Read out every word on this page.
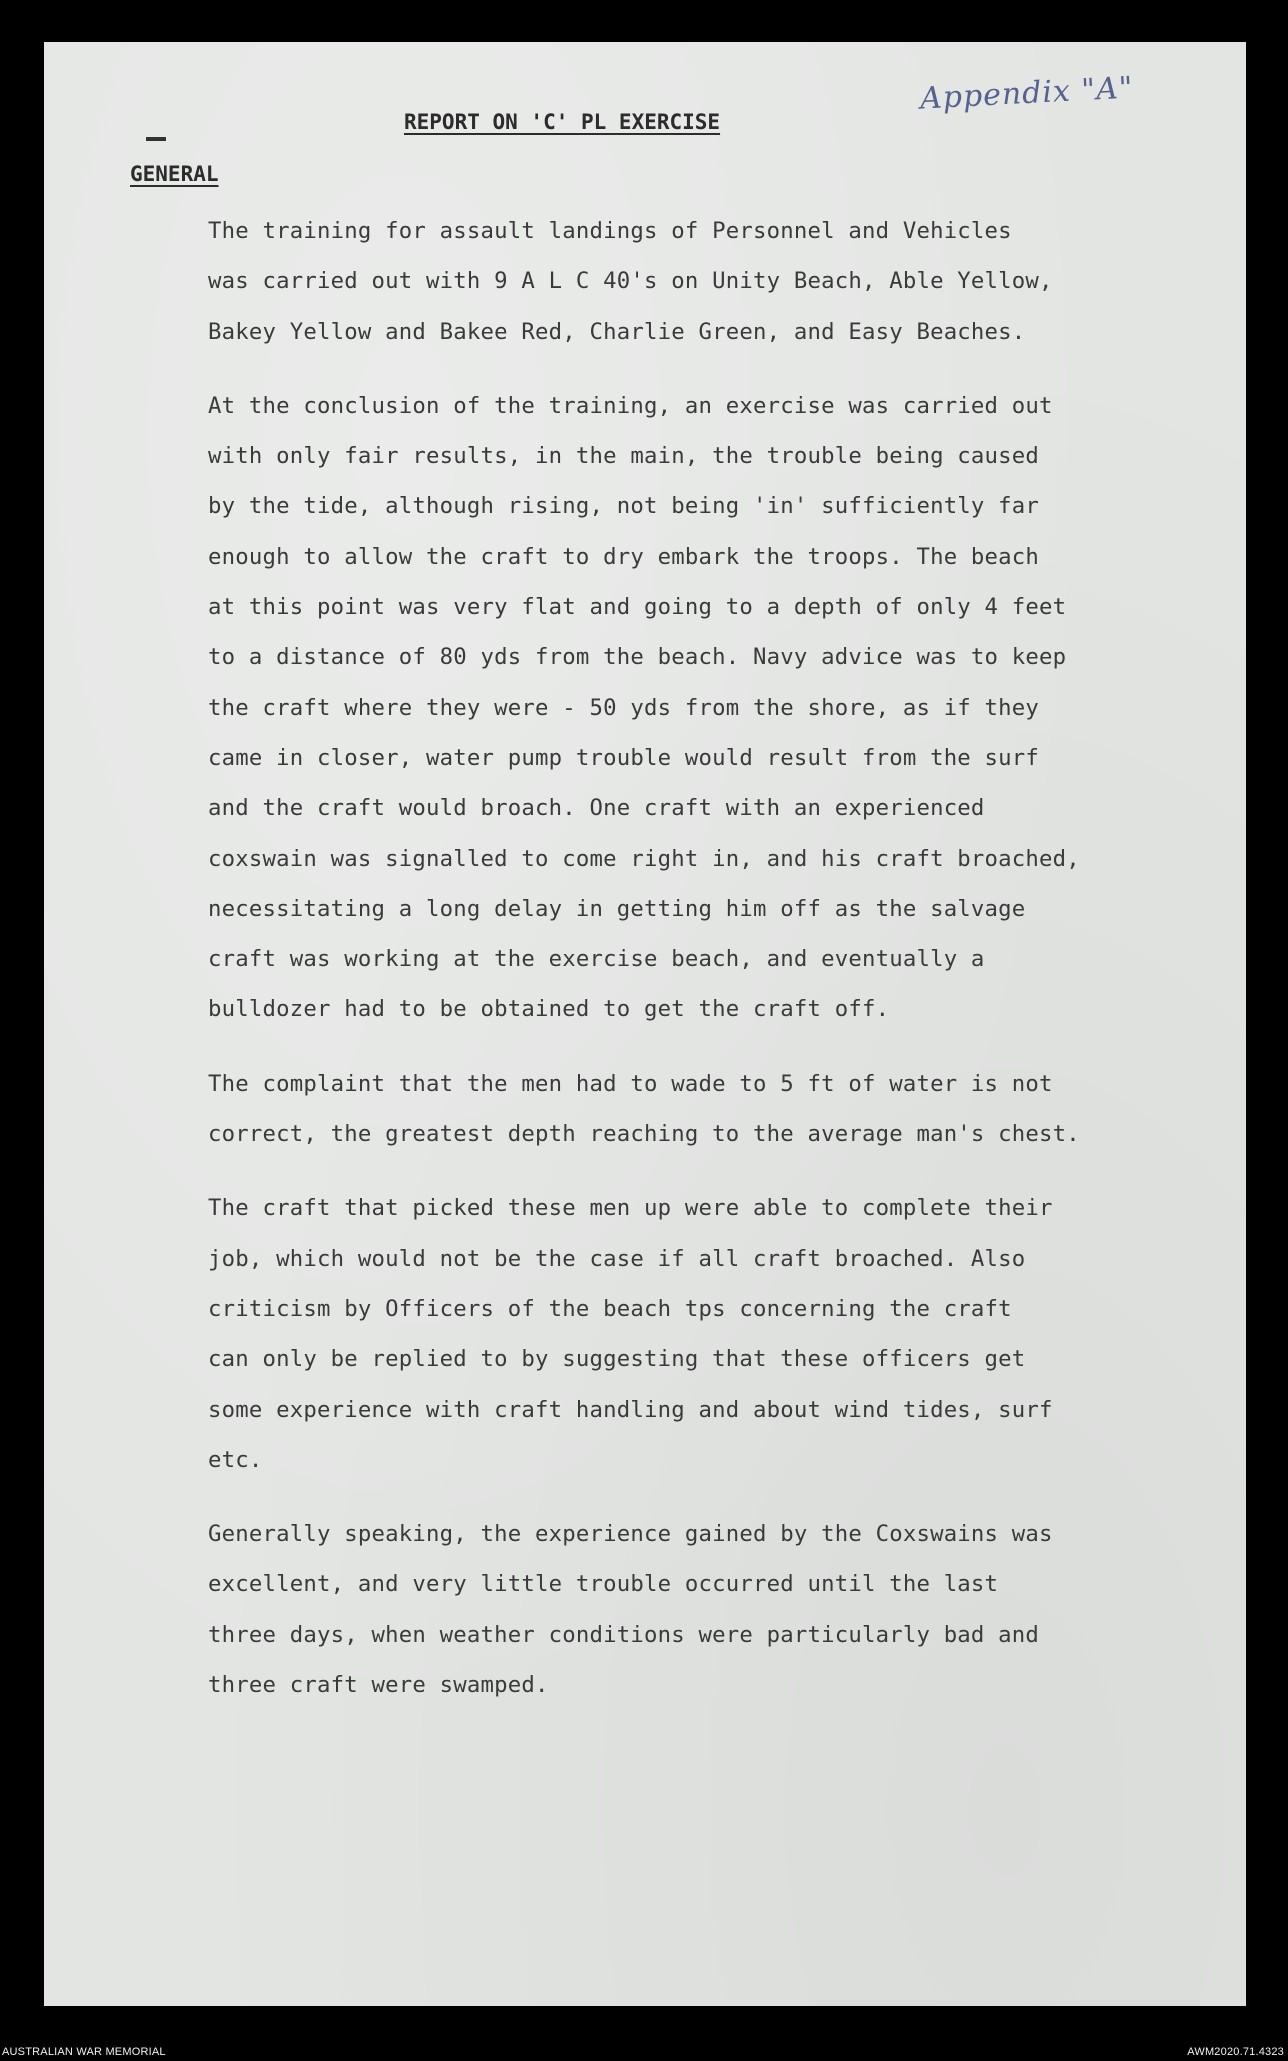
Appendix "A"
REPORT ON 'C' PL EXERCISE
GENERAL
The training for assault landings of Personnel and Vehicles
was carried out with 9 A L C 40's on Unity Beach, Able Yellow,
Bakey Yellow and Bakee Red, Charlie Green, and Easy Beaches.
At the conclusion of the training, an exercise was carried out
with only fair results, in the main, the trouble being caused
by the tide, although rising, not being 'in' sufficiently far
enough to allow the craft to dry embark the troops. The beach
at this point was very flat and going to a depth of only 4 feet
to a distance of 80 yds from the beach. Navy advice was to keep
the craft where they were - 50 yds from the shore, as if they
came in closer, water pump trouble would result from the surf
and the craft would broach. One craft with an experienced
coxswain was signalled to come right in, and his craft broached,
necessitating a long delay in getting him off as the salvage
craft was working at the exercise beach, and eventually a
bulldozer had to be obtained to get the craft off.
The complaint that the men had to wade to 5 ft of water is not
correct, the greatest depth reaching to the average man's chest.
The craft that picked these men up were able to complete their
job, which would not be the case if all craft broached. Also
criticism by Officers of the beach tps concerning the craft
can only be replied to by suggesting that these officers get
some experience with craft handling and about wind tides, surf
etc.
Generally speaking, the experience gained by the Coxswains was
excellent, and very little trouble occurred until the last
three days, when weather conditions were particularly bad and
three craft were swamped.
AUSTRALIAN WAR MEMORIAL	AWM2020.71.4323
